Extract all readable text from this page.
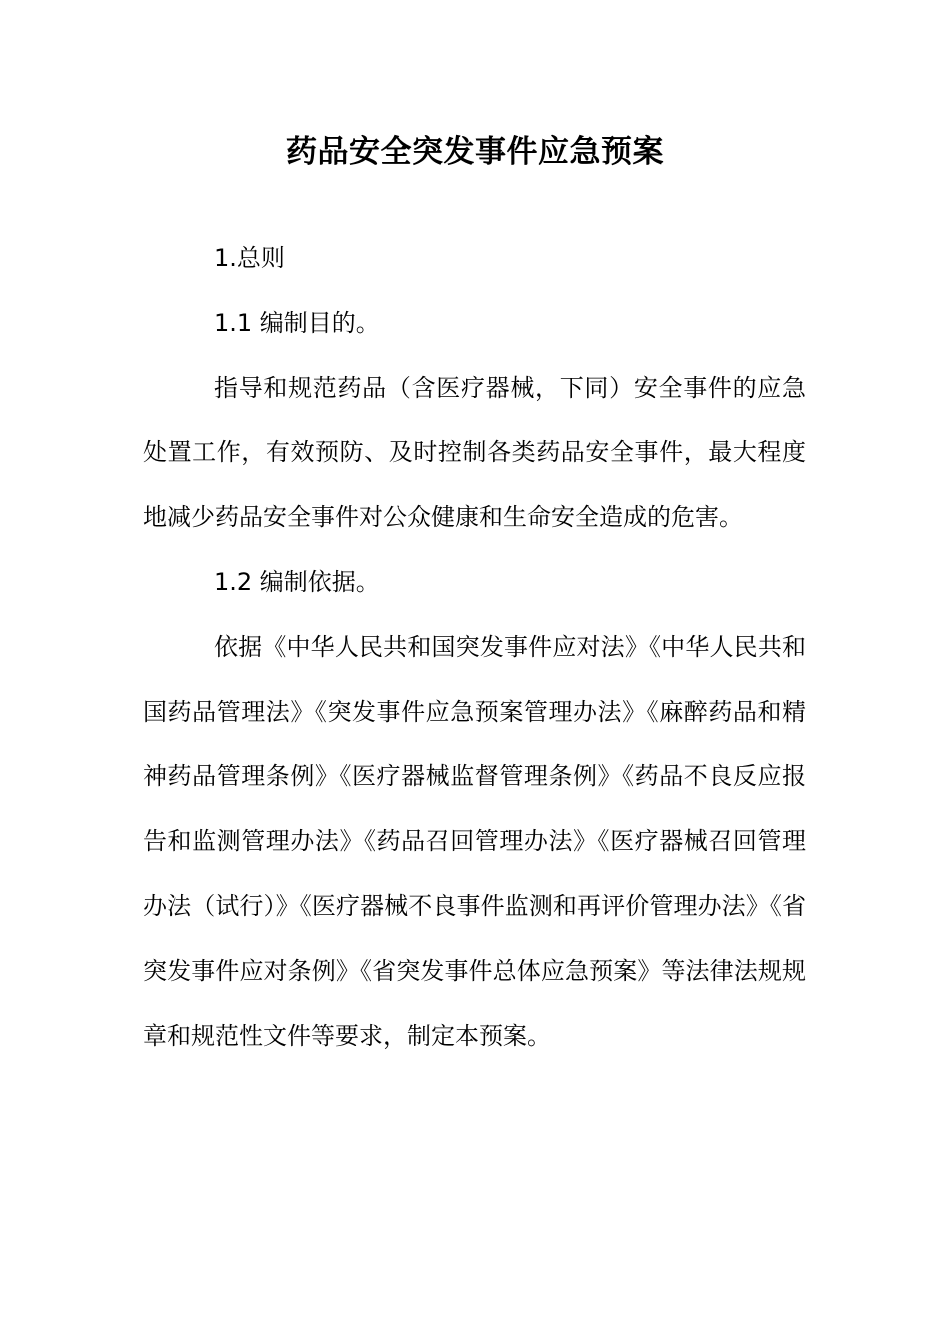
药品安全突发事件应急预案

1.总则

1.1 编制目的。

指导和规范药品（含医疗器械，下同）安全事件的应急处置工作，有效预防、及时控制各类药品安全事件，最大程度地减少药品安全事件对公众健康和生命安全造成的危害。

1.2 编制依据。

依据《中华人民共和国突发事件应对法》《中华人民共和国药品管理法》《突发事件应急预案管理办法》《麻醉药品和精神药品管理条例》《医疗器械监督管理条例》《药品不良反应报告和监测管理办法》《药品召回管理办法》《医疗器械召回管理办法（试行）》《医疗器械不良事件监测和再评价管理办法》《省突发事件应对条例》《省突发事件总体应急预案》等法律法规规章和规范性文件等要求，制定本预案。
